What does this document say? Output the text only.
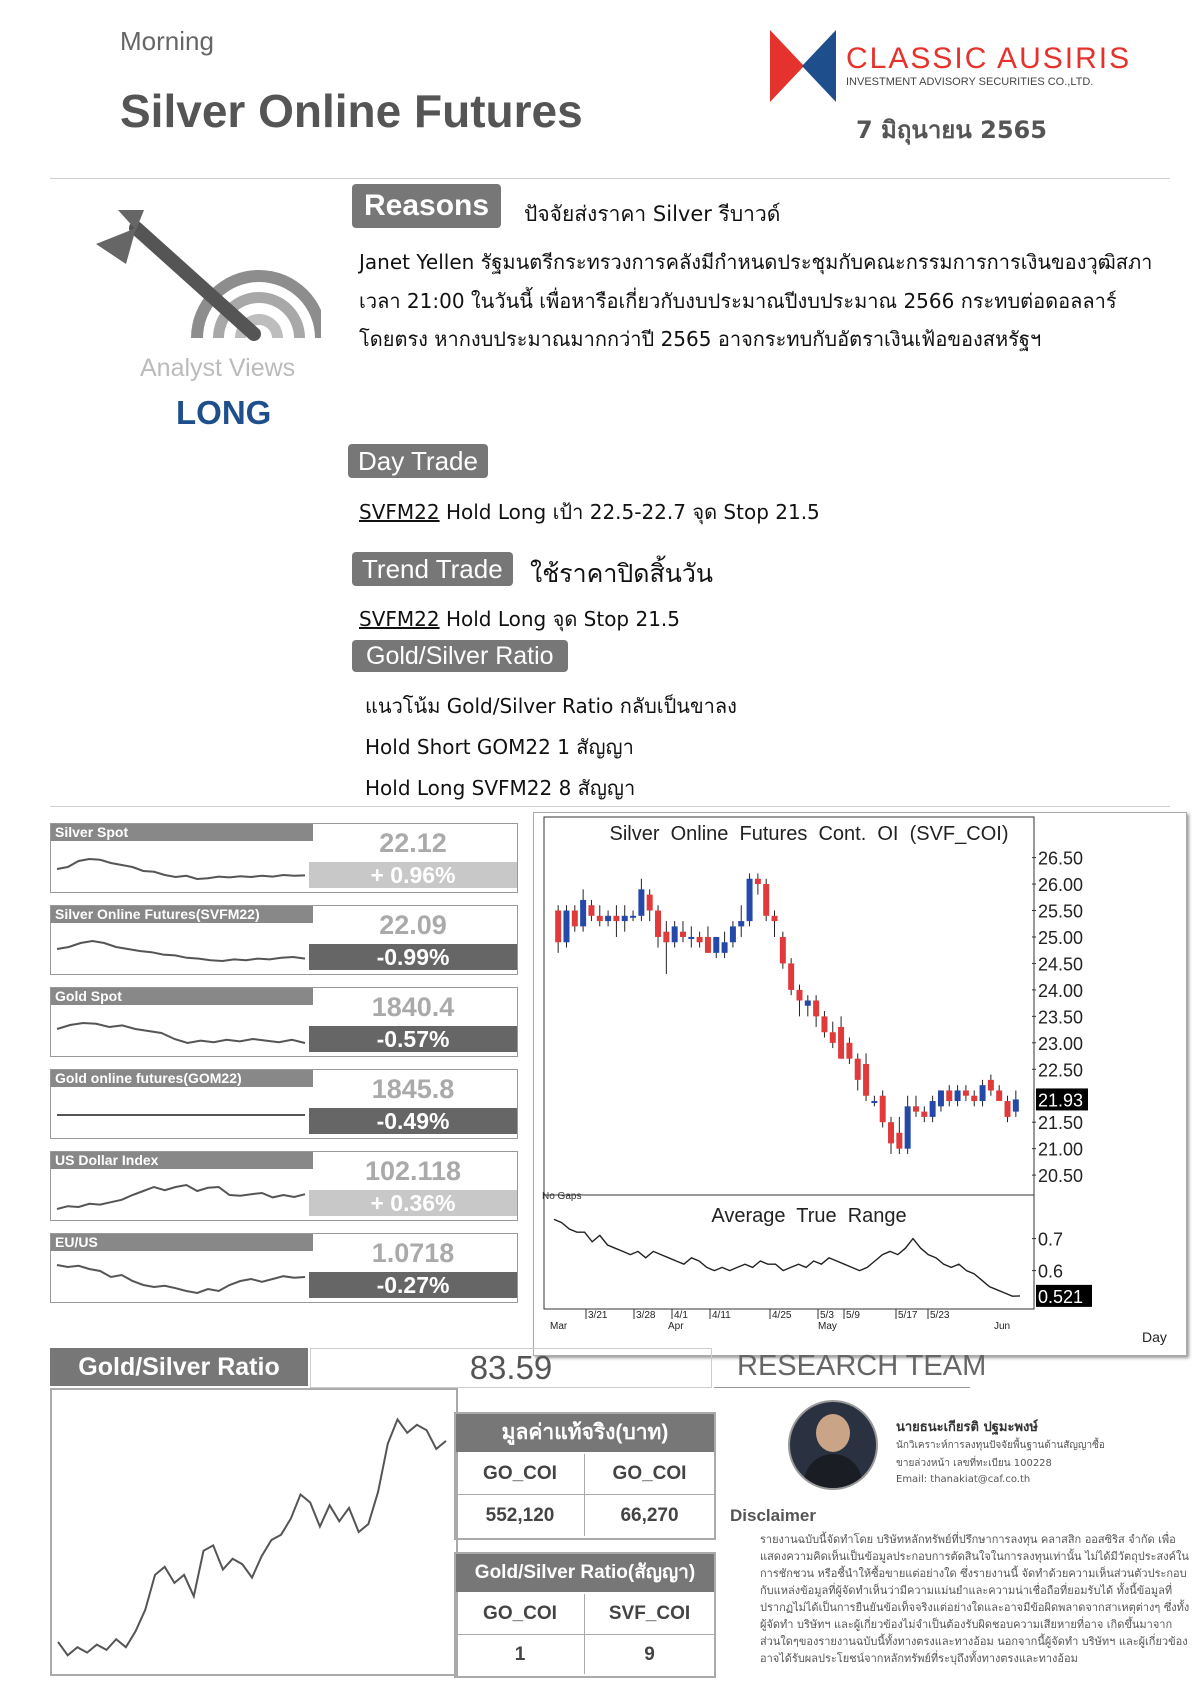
Morning
Silver Online Futures
CLASSIC AUSIRIS
INVESTMENT ADVISORY SECURITIES CO.,LTD.
7 มิถุนายน 2565
Analyst Views
LONG
Reasons	ปัจจัยส่งราคา Silver รีบาวด์
Janet Yellen รัฐมนตรีกระทรวงการคลังมีกำหนดประชุมกับคณะกรรมการการเงินของวุฒิสภา
เวลา 21:00 ในวันนี้ เพื่อหารือเกี่ยวกับงบประมาณปีงบประมาณ 2566 กระทบต่อดอลลาร์
โดยตรง หากงบประมาณมากกว่าปี 2565 อาจกระทบกับอัตราเงินเฟ้อของสหรัฐฯ
Day Trade
SVFM22 Hold Long เป้า 22.5-22.7 จุด Stop 21.5
Trend Trade	ใช้ราคาปิดสิ้นวัน
SVFM22 Hold Long จุด Stop 21.5
Gold/Silver Ratio
แนวโน้ม Gold/Silver Ratio กลับเป็นขาลง
Hold Short GOM22 1 สัญญา
Hold Long SVFM22 8 สัญญา
Silver Spot	22.12
+ 0.96%
Silver Online Futures(SVFM22)	22.09
-0.99%
Gold Spot	1840.4
-0.57%
Gold online futures(GOM22)	1845.8
-0.49%
US Dollar Index	102.118
+ 0.36%
EU/US	1.0718
-0.27%
26.50
26.00
25.50
25.00
24.50
24.00
23.50
23.00
22.50
21.50
21.00
20.50
21.93
0.7
0.6
0.521
3/21	3/28 4/1 4/11	4/25	5/3 5/9	5/17 5/23
Mar	Apr	May	Jun
No Gaps
Silver  Online  Futures  Cont.  OI  (SVF_COI)
Average  True  Range
Day
Gold/Silver Ratio	83.59
มูลค่าแท้จริง(บาท)
GO_COI	GO_COI
552,120	66,270
Gold/Silver Ratio(สัญญา)
GO_COI	SVF_COI
1	9
RESEARCH TEAM
นายธนะเกียรติ ปฐมะพงษ์
นักวิเคราะห์การลงทุนปัจจัยพื้นฐานด้านสัญญาซื้อ
ขายล่วงหน้า เลขที่ทะเบียน 100228
Email: thanakiat@caf.co.th
Disclaimer
รายงานฉบับนี้จัดทำโดย บริษัทหลักทรัพย์ที่ปรึกษาการลงทุน คลาสสิก ออสซิริส จำกัด เพื่อ
แสดงความคิดเห็นเป็นข้อมูลประกอบการตัดสินใจในการลงทุนเท่านั้น ไม่ได้มีวัตถุประสงค์ใน
การชักชวน หรือชี้นำให้ซื้อขายแต่อย่างใด ซึ่งรายงานนี้ จัดทำด้วยความเห็นส่วนตัวประกอบ
กับแหล่งข้อมูลที่ผู้จัดทำเห็นว่ามีความแม่นยำและความน่าเชื่อถือที่ยอมรับได้ ทั้งนี้ข้อมูลที่
ปรากฏไม่ได้เป็นการยืนยันข้อเท็จจริงแต่อย่างใดและอาจมีข้อผิดพลาดจากสาเหตุต่างๆ ซึ่งทั้ง
ผู้จัดทำ บริษัทฯ และผู้เกี่ยวข้องไม่จำเป็นต้องรับผิดชอบความเสียหายที่อาจ เกิดขึ้นมาจาก
ส่วนใดๆของรายงานฉบับนี้ทั้งทางตรงและทางอ้อม นอกจากนี้ผู้จัดทำ บริษัทฯ และผู้เกี่ยวข้อง
อาจได้รับผลประโยชน์จากหลักทรัพย์ที่ระบุถึงทั้งทางตรงและทางอ้อม
